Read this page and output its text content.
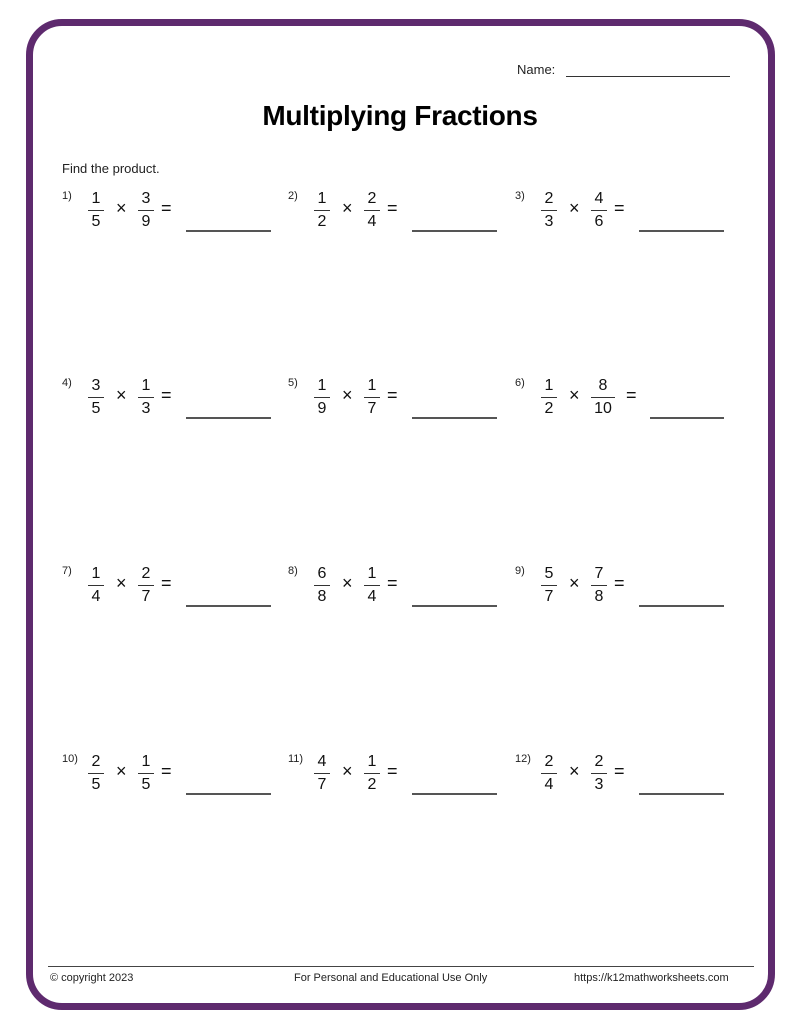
Name:
Multiplying Fractions
Find the product.
1)	1
5
× 3
9
=
2)	1
2
× 2
4
=
3)	2
3
× 4
6
=
4)	3
5
× 1
3
=
5)	1
9
× 1
7
=
6)	1
2
×	8
10
=
7)	1
4
× 2
7
=
8)	6
8
× 1
4
=
9)	5
7
× 7
8
=
10) 2
5
× 1
5
=
11) 4
7
× 1
2
=
12) 2
4
× 2
3
=
© copyright 2023	For Personal and Educational Use Only	https://k12mathworksheets.com
